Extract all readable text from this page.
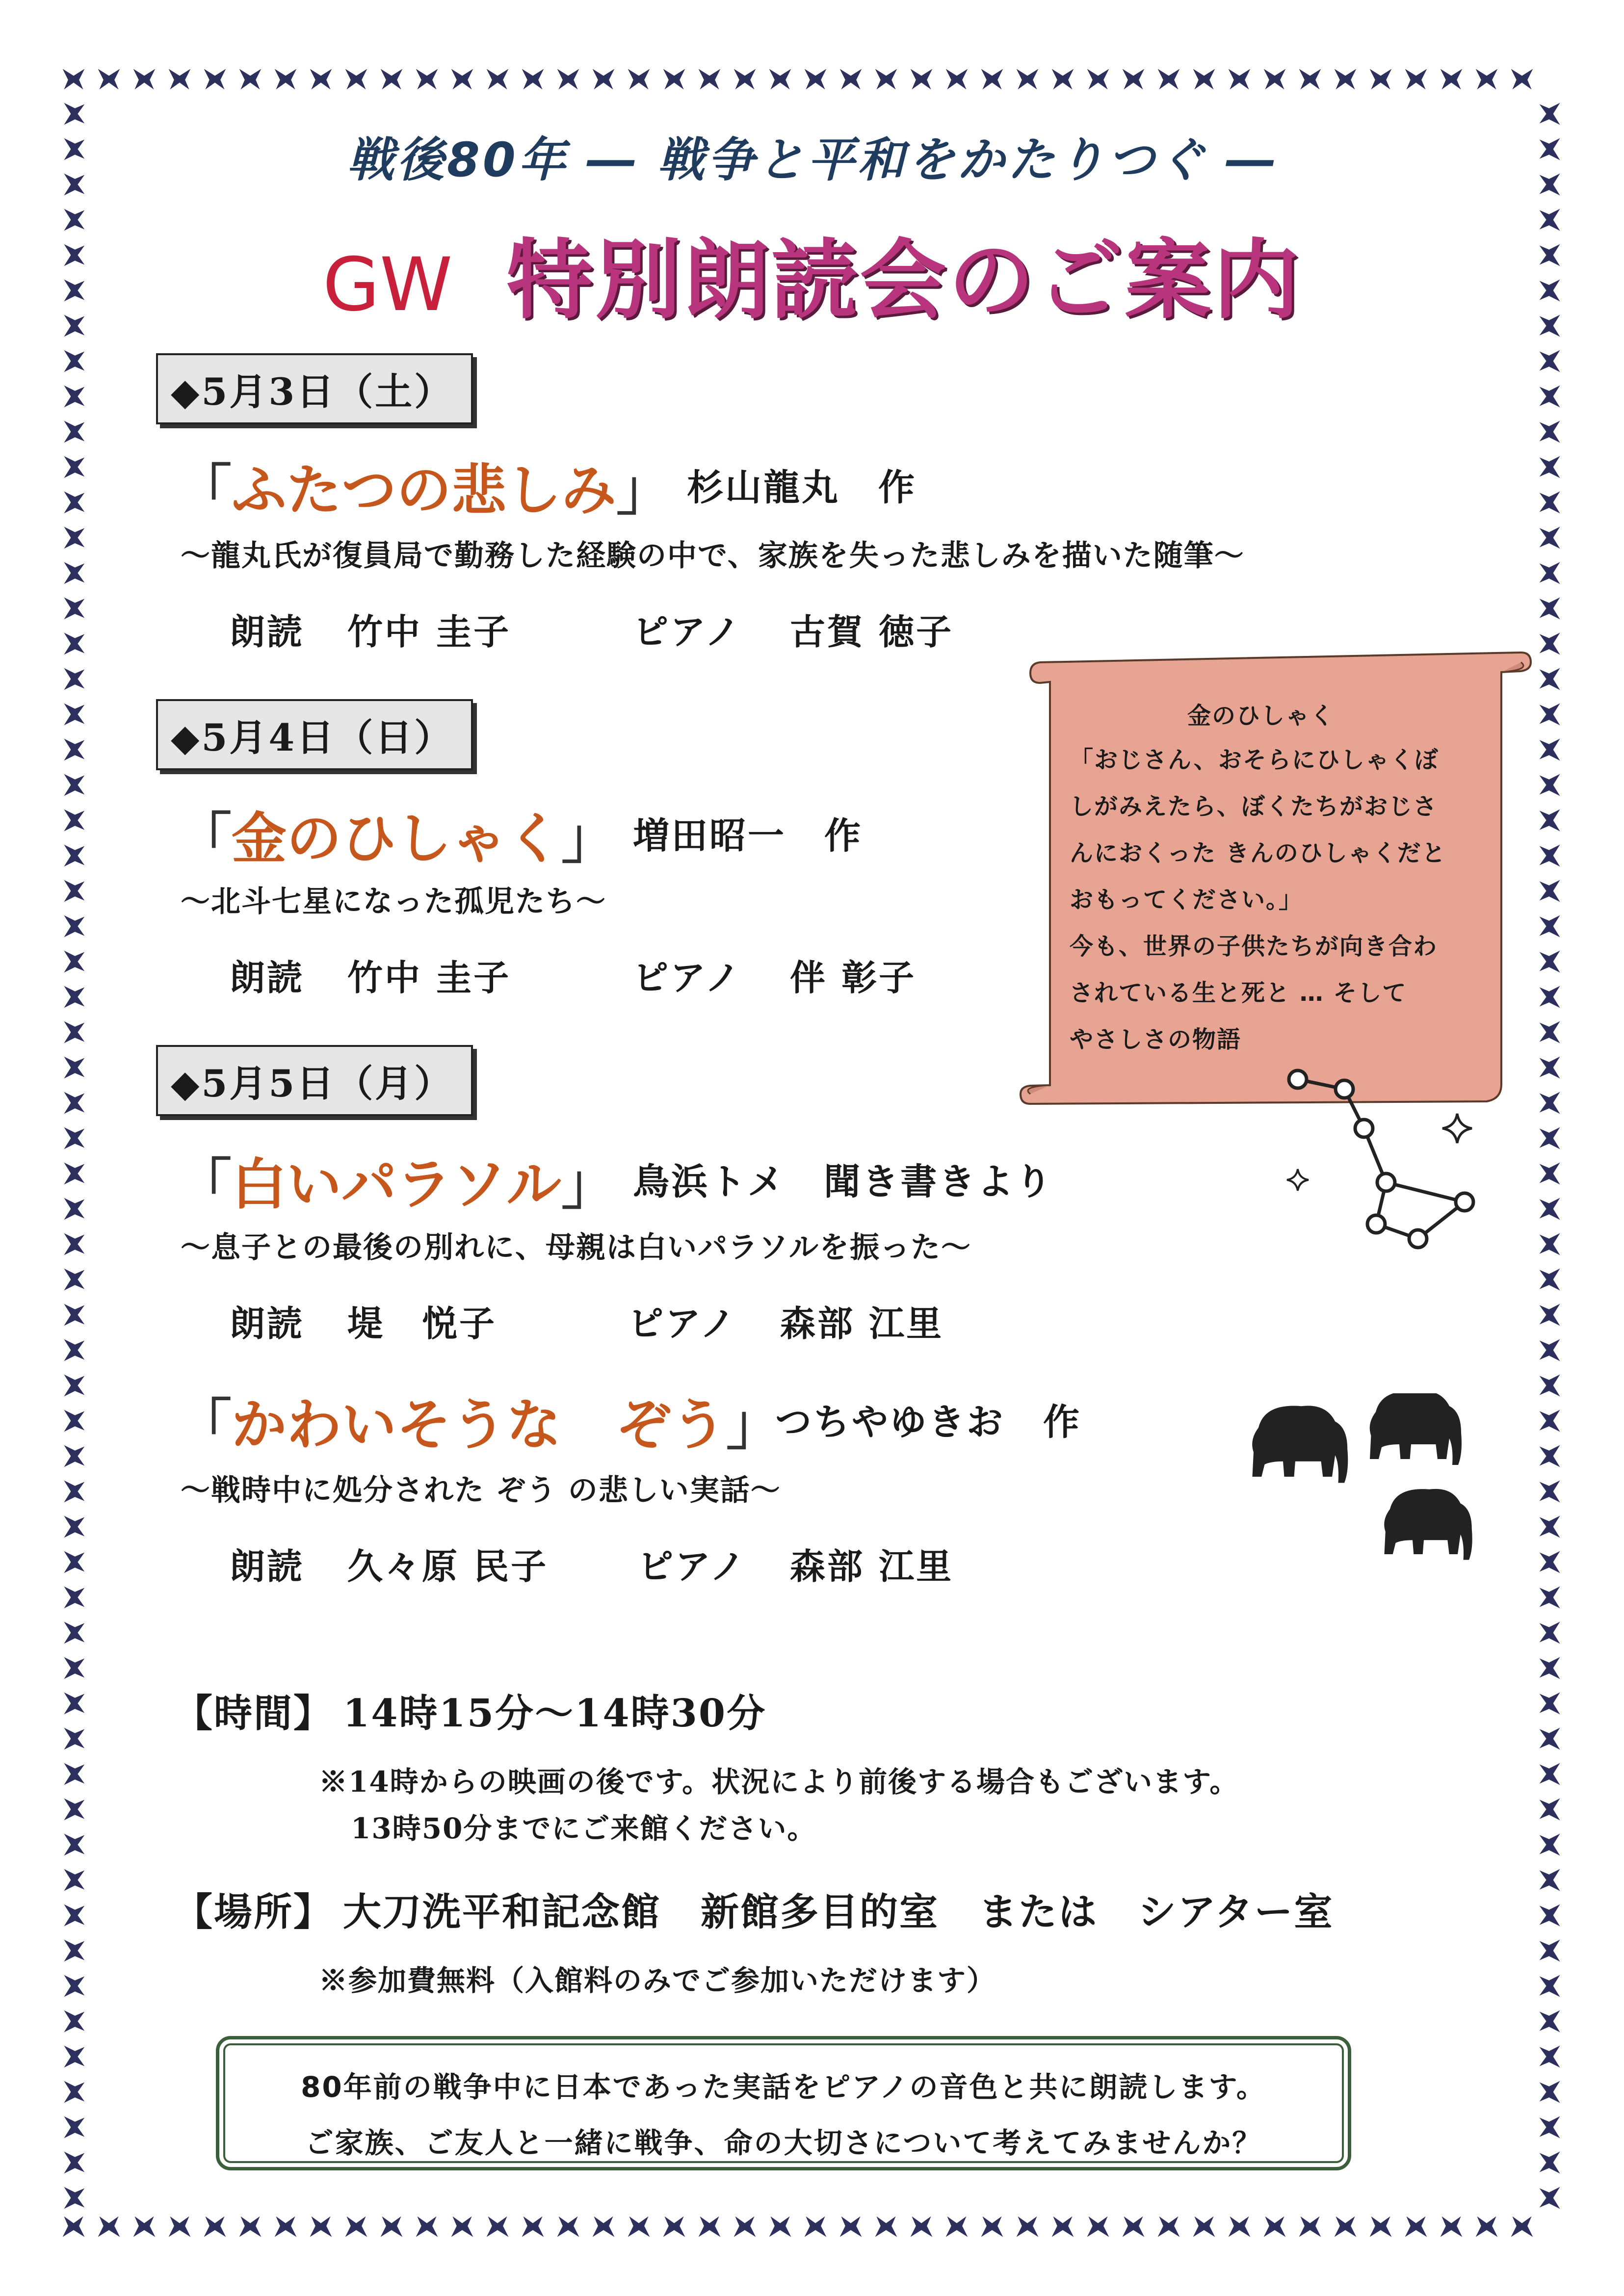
戦後80年 ― 戦争と平和をかたりつぐ ―
GW 特別朗読会のご案内
◆5月3日（土）
「ふたつの悲しみ」 杉山龍丸　作
～龍丸氏が復員局で勤務した経験の中で、家族を失った悲しみを描いた随筆～
朗読 竹中 圭子	ピアノ 古賀 徳子
◆5月4日（日）
「金のひしゃく」 増田昭一　作
～北斗七星になった孤児たち～
朗読 竹中 圭子	ピアノ 伴 彰子
◆5月5日（月）
「白いパラソル」 鳥浜トメ　聞き書きより
～息子との最後の別れに、母親は白いパラソルを振った～
朗読 堤　悦子	ピアノ 森部 江里
「かわいそうな　ぞう」
つちやゆきお　作
～戦時中に処分された ぞう の悲しい実話～
朗読 久々原 民子	ピアノ 森部 江里
金のひしゃく
「おじさん、おそらにひしゃくぼ
しがみえたら、ぼくたちがおじさ
んにおくった きんのひしゃくだと
おもってください。」
今も、世界の子供たちが向き合わ
されている生と死と … そして
やさしさの物語
【時間】 14時15分～14時30分
※14時からの映画の後です。状況により前後する場合もございます。
13時50分までにご来館ください。
【場所】 大刀洗平和記念館　新館多目的室　または　シアター室
※参加費無料（入館料のみでご参加いただけます）
80年前の戦争中に日本であった実話をピアノの音色と共に朗読します。
ご家族、ご友人と一緒に戦争、命の大切さについて考えてみませんか？
